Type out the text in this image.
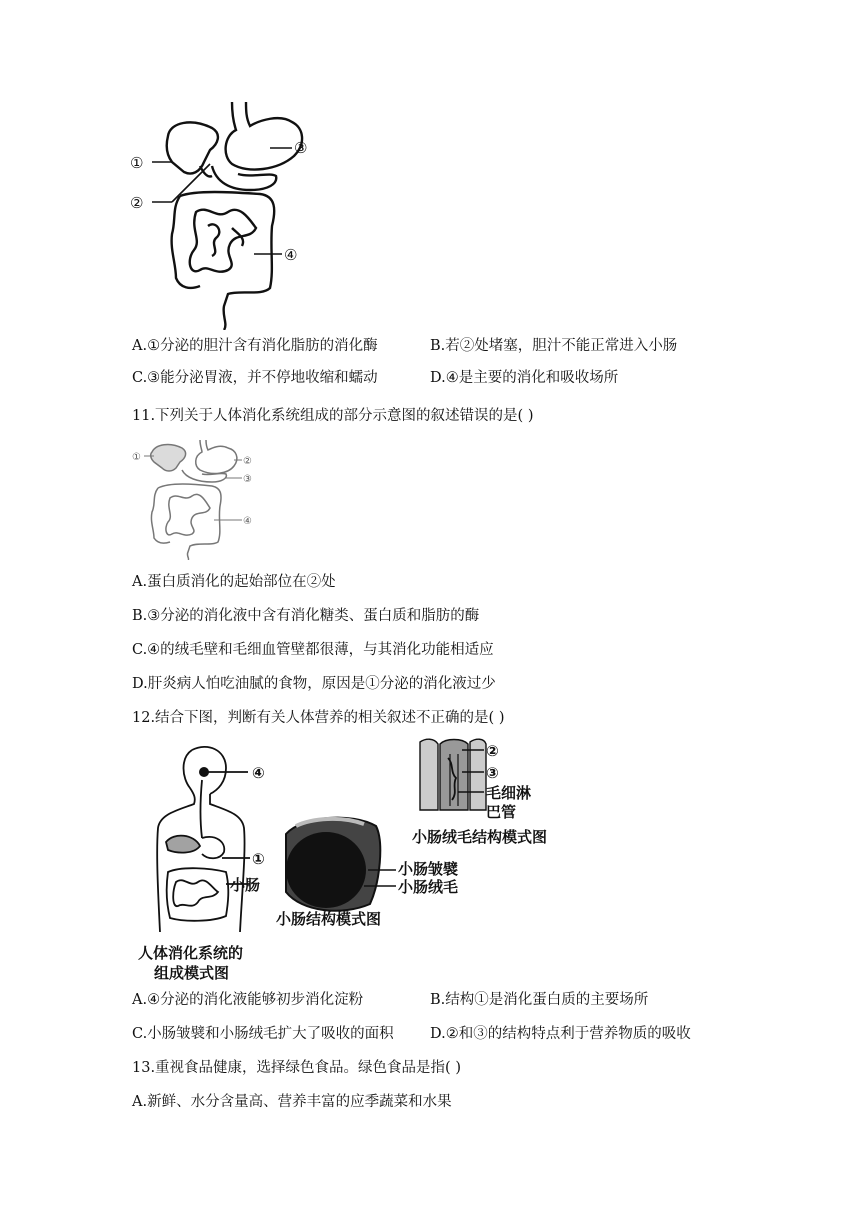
①
②
③
④
A.①分泌的胆汁含有消化脂肪的消化酶	B.若②处堵塞，胆汁不能正常进入小肠
C.③能分泌胃液，并不停地收缩和蠕动	D.④是主要的消化和吸收场所
11.下列关于人体消化系统组成的部分示意图的叙述错误的是( )
①	②
③
④
A.蛋白质消化的起始部位在②处
B.③分泌的消化液中含有消化糖类、蛋白质和脂肪的酶
C.④的绒毛壁和毛细血管壁都很薄，与其消化功能相适应
D.肝炎病人怕吃油腻的食物，原因是①分泌的消化液过少
12.结合下图，判断有关人体营养的相关叙述不正确的是( )
④
①
小肠
人体消化系统的
组成模式图
小肠皱襞
小肠绒毛
小肠结构模式图
②
③
毛细淋
巴管
小肠绒毛结构模式图
A.④分泌的消化液能够初步消化淀粉	B.结构①是消化蛋白质的主要场所
C.小肠皱襞和小肠绒毛扩大了吸收的面积	D.②和③的结构特点利于营养物质的吸收
13.重视食品健康，选择绿色食品。绿色食品是指( )
A.新鲜、水分含量高、营养丰富的应季蔬菜和水果
